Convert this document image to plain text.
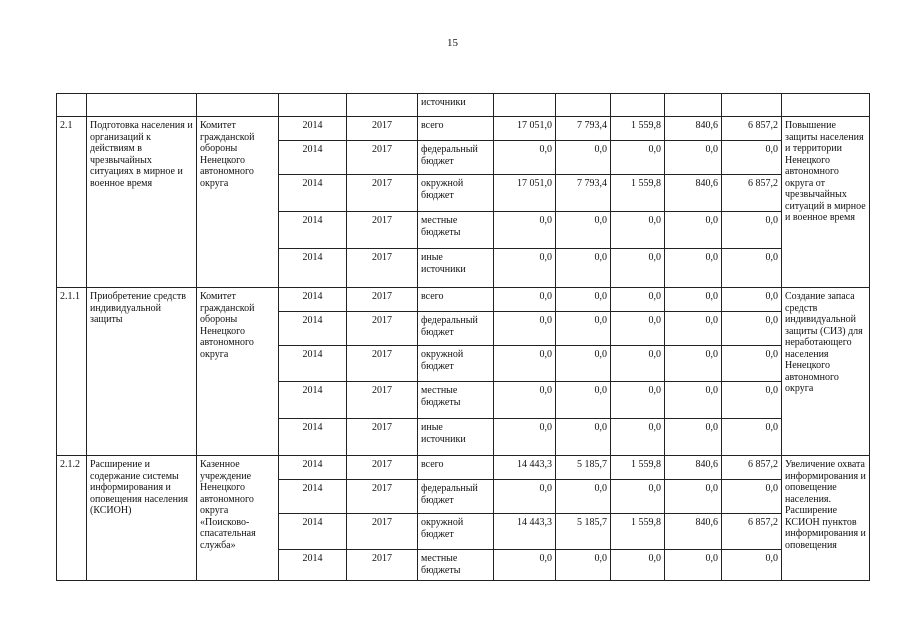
15
					источники						
2.1	Подготовка населения и организаций к действиям в чрезвычайных ситуациях в мирное и военное время	Комитет гражданской обороны Ненецкого автономного округа	2014	2017	всего	17 051,0	7 793,4	1 559,8	840,6	6 857,2	Повышение защиты населения и территории Ненецкого автономного округа от чрезвычайных ситуаций в мирное и военное время
			2014	2017	федеральный бюджет	0,0	0,0	0,0	0,0	0,0	
			2014	2017	окружной бюджет	17 051,0	7 793,4	1 559,8	840,6	6 857,2	
			2014	2017	местные бюджеты	0,0	0,0	0,0	0,0	0,0	
			2014	2017	иные источники	0,0	0,0	0,0	0,0	0,0	
2.1.1	Приобретение средств индивидуальной защиты	Комитет гражданской обороны Ненецкого автономного округа	2014	2017	всего	0,0	0,0	0,0	0,0	0,0	Создание запаса средств индивидуальной защиты (СИЗ) для неработающего населения Ненецкого автономного округа
			2014	2017	федеральный бюджет	0,0	0,0	0,0	0,0	0,0	
			2014	2017	окружной бюджет	0,0	0,0	0,0	0,0	0,0	
			2014	2017	местные бюджеты	0,0	0,0	0,0	0,0	0,0	
			2014	2017	иные источники	0,0	0,0	0,0	0,0	0,0	
2.1.2	Расширение и содержание системы информирования и оповещения населения (КСИОН)	Казенное учреждение Ненецкого автономного округа «Поисково-спасательная служба»	2014	2017	всего	14 443,3	5 185,7	1 559,8	840,6	6 857,2	Увеличение охвата информирования и оповещение населения. Расширение КСИОН пунктов информирования и оповещения
			2014	2017	федеральный бюджет	0,0	0,0	0,0	0,0	0,0	
			2014	2017	окружной бюджет	14 443,3	5 185,7	1 559,8	840,6	6 857,2	
			2014	2017	местные бюджеты	0,0	0,0	0,0	0,0	0,0	
